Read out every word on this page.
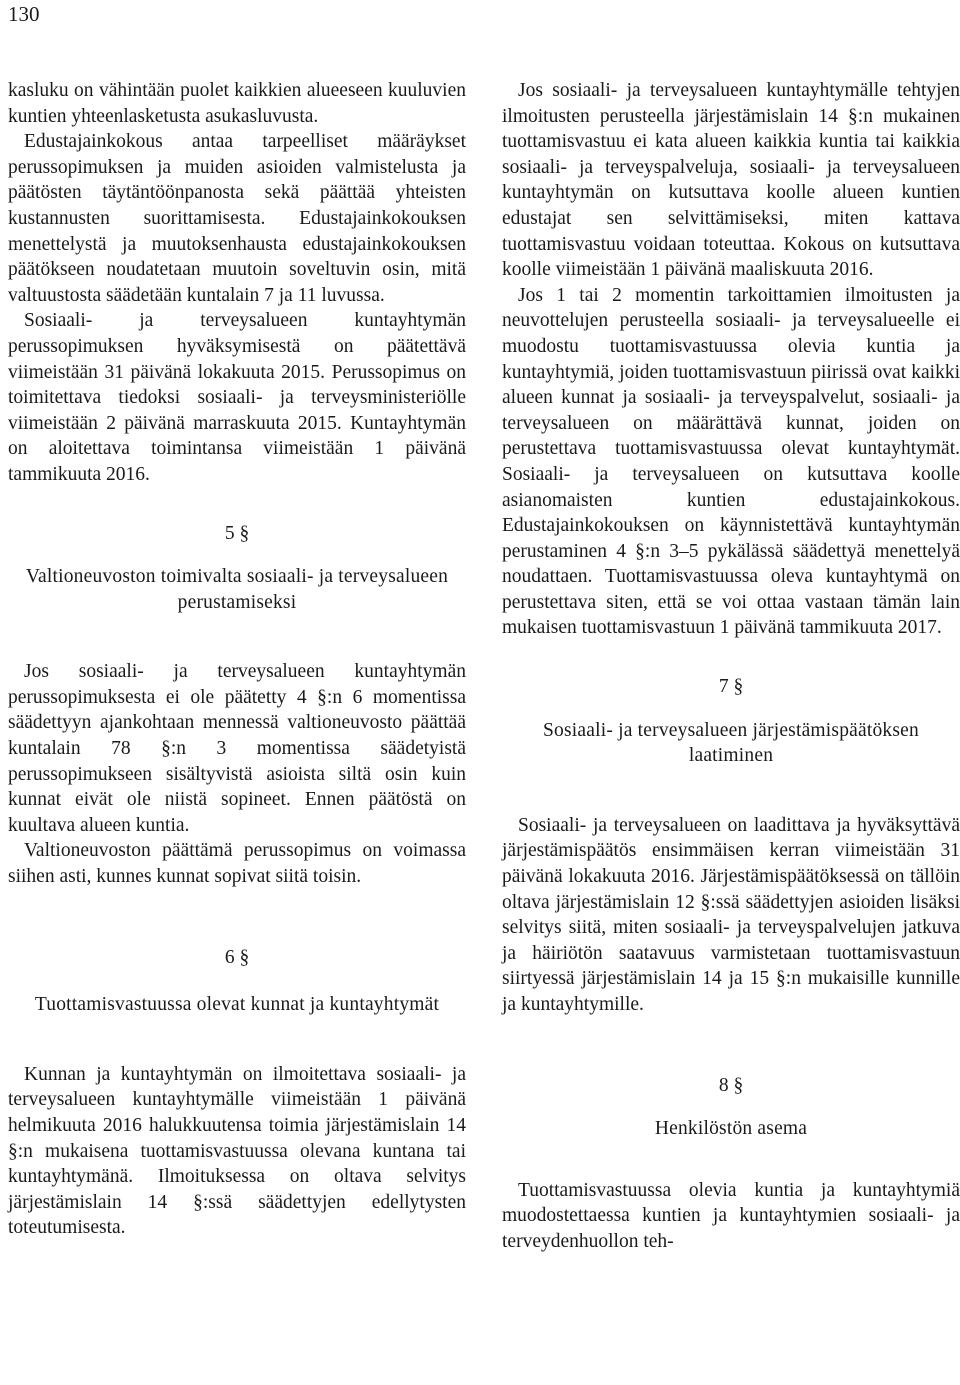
130

kasluku on vähintään puolet kaikkien alueeseen kuuluvien kuntien yhteenlasketusta asukasluvusta.

Edustajainkokous antaa tarpeelliset määräykset perussopimuksen ja muiden asioiden valmistelusta ja päätösten täytäntöönpanosta sekä päättää yhteisten kustannusten suorittamisesta. Edustajainkokouksen menettelystä ja muutoksenhausta edustajainkokouksen päätökseen noudatetaan muutoin soveltuvin osin, mitä valtuustosta säädetään kuntalain 7 ja 11 luvussa.

Sosiaali- ja terveysalueen kuntayhtymän perussopimuksen hyväksymisestä on päätettävä viimeistään 31 päivänä lokakuuta 2015. Perussopimus on toimitettava tiedoksi sosiaali- ja terveysministeriölle viimeistään 2 päivänä marraskuuta 2015. Kuntayhtymän on aloitettava toimintansa viimeistään 1 päivänä tammikuuta 2016.

5 §
Valtioneuvoston toimivalta sosiaali- ja terveysalueen perustamiseksi

Jos sosiaali- ja terveysalueen kuntayhtymän perussopimuksesta ei ole päätetty 4 §:n 6 momentissa säädettyyn ajankohtaan mennessä valtioneuvosto päättää kuntalain 78 §:n 3 momentissa säädetyistä perussopimukseen sisältyvistä asioista siltä osin kuin kunnat eivät ole niistä sopineet. Ennen päätöstä on kuultava alueen kuntia.

Valtioneuvoston päättämä perussopimus on voimassa siihen asti, kunnes kunnat sopivat siitä toisin.

6 §
Tuottamisvastuussa olevat kunnat ja kuntayhtymät

Kunnan ja kuntayhtymän on ilmoitettava sosiaali- ja terveysalueen kuntayhtymälle viimeistään 1 päivänä helmikuuta 2016 halukkuutensa toimia järjestämislain 14 §:n mukaisena tuottamisvastuussa olevana kuntana tai kuntayhtymänä. Ilmoituksessa on oltava selvitys järjestämislain 14 §:ssä säädettyjen edellytysten toteutumisesta.

Jos sosiaali- ja terveysalueen kuntayhtymälle tehtyjen ilmoitusten perusteella järjestämislain 14 §:n mukainen tuottamisvastuu ei kata alueen kaikkia kuntia tai kaikkia sosiaali- ja terveyspalveluja, sosiaali- ja terveysalueen kuntayhtymän on kutsuttava koolle alueen kuntien edustajat sen selvittämiseksi, miten kattava tuottamisvastuu voidaan toteuttaa. Kokous on kutsuttava koolle viimeistään 1 päivänä maaliskuuta 2016.

Jos 1 tai 2 momentin tarkoittamien ilmoitusten ja neuvottelujen perusteella sosiaali- ja terveysalueelle ei muodostu tuottamisvastuussa olevia kuntia ja kuntayhtymiä, joiden tuottamisvastuun piirissä ovat kaikki alueen kunnat ja sosiaali- ja terveyspalvelut, sosiaali- ja terveysalueen on määrättävä kunnat, joiden on perustettava tuottamisvastuussa olevat kuntayhtymät. Sosiaali- ja terveysalueen on kutsuttava koolle asianomaisten kuntien edustajainkokous. Edustajainkokouksen on käynnistettävä kuntayhtymän perustaminen 4 §:n 3–5 pykälässä säädettyä menettelyä noudattaen. Tuottamisvastuussa oleva kuntayhtymä on perustettava siten, että se voi ottaa vastaan tämän lain mukaisen tuottamisvastuun 1 päivänä tammikuuta 2017.

7 §
Sosiaali- ja terveysalueen järjestämispäätöksen laatiminen

Sosiaali- ja terveysalueen on laadittava ja hyväksyttävä järjestämispäätös ensimmäisen kerran viimeistään 31 päivänä lokakuuta 2016. Järjestämispäätöksessä on tällöin oltava järjestämislain 12 §:ssä säädettyjen asioiden lisäksi selvitys siitä, miten sosiaali- ja terveyspalvelujen jatkuva ja häiriötön saatavuus varmistetaan tuottamisvastuun siirtyessä järjestämislain 14 ja 15 §:n mukaisille kunnille ja kuntayhtymille.

8 §
Henkilöstön asema

Tuottamisvastuussa olevia kuntia ja kuntayhtymiä muodostettaessa kuntien ja kuntayhtymien sosiaali- ja terveydenhuollon teh-
